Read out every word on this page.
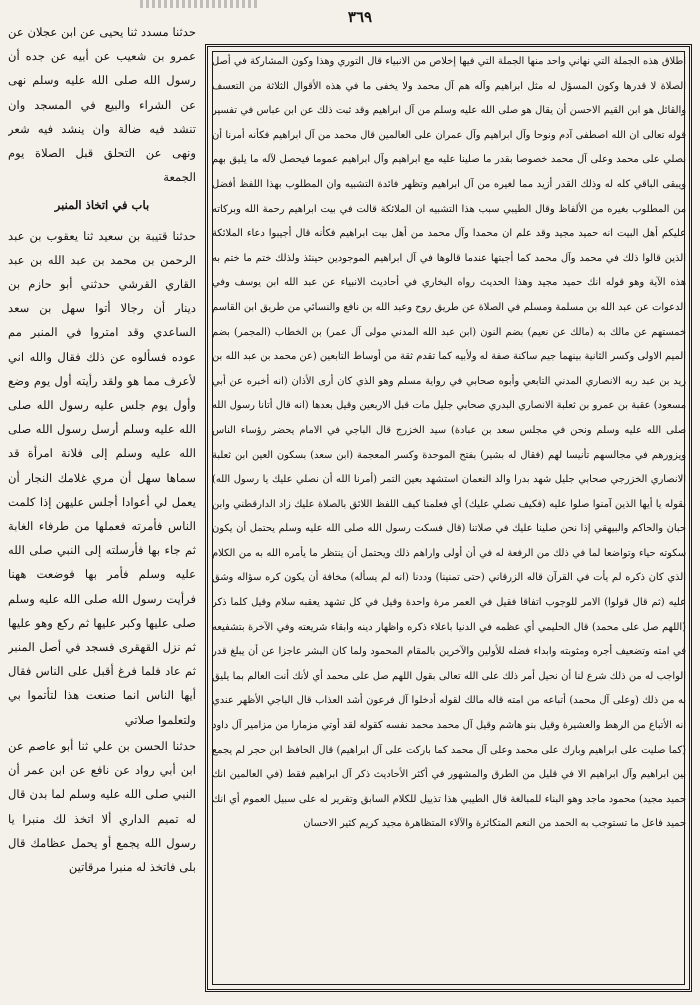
٣٦٩

اطلاق هذه الجملة التي نهاني واحد منها الجملة التي فيها إخلاص من الانبياء قال التوري وهذا وكون المشاركة في أصل الصلاة لا قدرها وكون المسؤل له مثل ابراهيم وآله هم آل محمد ولا يخفى ما في هذه الأقوال الثلاثة من التعسف والقائل هو ابن القيم الاحسن أن يقال هو صلى الله عليه وسلم من آل ابراهيم وقد ثبت ذلك عن ابن عباس في تفسير قوله تعالى ان الله اصطفى آدم ونوحا وآل ابراهيم وآل عمران على العالمين قال محمد من آل ابراهيم فكأنه أمرنا أن نصلي على محمد وعلى آل محمد خصوصا بقدر ما صلينا عليه مع ابراهيم وآل ابراهيم عموما فيحصل لآله ما يليق بهم ويبقى الباقي كله له وذلك القدر أزيد مما لغيره من آل ابراهيم وتظهر فائدة التشبيه وان المطلوب بهذا اللفظ أفضل من المطلوب بغيره من الألفاظ وقال الطيبي سبب هذا التشبيه ان الملائكة قالت في بيت ابراهيم رحمة الله وبركاته عليكم أهل البيت انه حميد مجيد وقد علم ان محمدا وآل محمد من أهل بيت ابراهيم فكأنه قال أجيبوا دعاء الملائكة الذين قالوا ذلك في محمد وآل محمد كما أجبتها عندما قالوها في آل ابراهيم الموجودين حينئذ ولذلك ختم ما ختم به هذه الآية وهو قوله انك حميد مجيد وهذا الحديث رواه البخاري في أحاديث الانبياء عن عبد الله ابن يوسف وفي الدعوات عن عبد الله بن مسلمة ومسلم في الصلاة عن طريق روح وعبد الله بن نافع والنسائي من طريق ابن القاسم خمستهم عن مالك به (مالك عن نعيم) بضم النون (ابن عبد الله المدني مولى آل عمر) بن الخطاب (المجمر) بضم الميم الاولى وكسر الثانية بينهما جيم ساكنة صفة له ولأبيه كما تقدم ثقة من أوساط التابعين (عن محمد بن عبد الله بن زيد بن عبد ربه الانصاري المدني التابعي وأبوه صحابي في رواية مسلم وهو الذي كان أرى الأذان (انه أخبره عن أبي مسعود) عقبة بن عمرو بن ثعلبة الانصاري البدري صحابي جليل مات قبل الاربعين وقيل بعدها (انه قال أتانا رسول الله صلى الله عليه وسلم ونحن في مجلس سعد بن عبادة) سيد الخزرج قال الباجي في الامام يحضر رؤساء الناس ويزورهم في مجالسهم تأنيسا لهم (فقال له بشير) بفتح الموحدة وكسر المعجمة (ابن سعد) بسكون العين ابن ثعلبة الانصاري الخزرجي صحابي جليل شهد بدرا والد النعمان استشهد بعين التمر (أمرنا الله أن نصلي عليك يا رسول الله) بقوله يا أيها الذين آمنوا صلوا عليه (فكيف نصلي عليك) أي فعلمنا كيف اللفظ اللائق بالصلاة عليك زاد الدارقطني وابن حبان والحاكم والبيهقي إذا نحن صلينا عليك في صلاتنا (قال فسكت رسول الله صلى الله عليه وسلم يحتمل أن يكون سكوته حياء وتواضعا لما في ذلك من الرفعة له في أن أولى واراهم ذلك ويحتمل أن ينتظر ما يأمره الله به من الكلام الذي كان ذكره لم يأت في القرآن قاله الزرقاني (حتى تمنينا) وددنا (انه لم يسأله) مخافة أن يكون كره سؤاله وشق عليه (ثم قال قولوا) الامر للوجوب اتفاقا فقيل في العمر مرة واحدة وقيل في كل تشهد يعقبه سلام وقيل كلما ذكر (اللهم صل على محمد) قال الحليمي أي عظمه في الدنيا باعلاء ذكره واظهار دينه وابقاء شريعته وفي الآخرة بتشفيعه في امته وتضعيف أجره ومثوبته وابداء فضله للأولين والآخرين بالمقام المحمود ولما كان البشر عاجزا عن أن يبلغ قدر الواجب له من ذلك شرع لنا أن نحيل أمر ذلك على الله تعالى بقول اللهم صل على محمد أي لأنك أنت العالم بما يليق به من ذلك (وعلى آل محمد) أتباعه من امته قاله مالك لقوله أدخلوا آل فرعون أشد العذاب قال الباجي الأظهر عندي انه الأتباع من الرهط والعشيرة وقيل بنو هاشم وقيل آل محمد محمد نفسه كقوله لقد أوتي مزمارا من مزامير آل داود (كما صليت على ابراهيم وبارك على محمد وعلى آل محمد كما باركت على آل ابراهيم) قال الحافظ ابن حجر لم يجمع بين ابراهيم وآل ابراهيم الا في قليل من الطرق والمشهور في أكثر الأحاديث ذكر آل ابراهيم فقط (في العالمين انك حميد مجيد) محمود ماجد وهو البناء للمبالغة قال الطيبي هذا تذييل للكلام السابق وتقرير له على سبيل العموم أي انك حميد فاعل ما تستوجب به الحمد من النعم المتكاثرة والآلاء المتظاهرة مجيد كريم كثير الاحسان

حدثنا مسدد ثنا يحيى عن ابن عجلان عن عمرو بن شعيب عن أبيه عن جده أن رسول الله صلى الله عليه وسلم نهى عن الشراء والبيع في المسجد وان تنشد فيه ضالة وان ينشد فيه شعر ونهى عن التحلق قبل الصلاة يوم الجمعة

باب في اتخاذ المنبر

حدثنا قتيبة بن سعيد ثنا يعقوب بن عبد الرحمن بن محمد بن عبد الله بن عبد القاري القرشي حدثني أبو حازم بن دينار أن رجالا أتوا سهل بن سعد الساعدي وقد امتروا في المنبر مم عوده فسألوه عن ذلك فقال والله اني لأعرف مما هو ولقد رأيته أول يوم وضع وأول يوم جلس عليه رسول الله صلى الله عليه وسلم أرسل رسول الله صلى الله عليه وسلم إلى فلانة امرأة قد سماها سهل أن مري غلامك النجار أن يعمل لي أعوادا أجلس عليهن إذا كلمت الناس فأمرته فعملها من طرفاء الغابة ثم جاء بها فأرسلته إلى النبي صلى الله عليه وسلم فأمر بها فوضعت ههنا فرأيت رسول الله صلى الله عليه وسلم صلى عليها وكبر عليها ثم ركع وهو عليها ثم نزل القهقرى فسجد في أصل المنبر ثم عاد فلما فرغ أقبل على الناس فقال أيها الناس انما صنعت هذا لتأتموا بي ولتعلموا صلاتي

حدثنا الحسن بن علي ثنا أبو عاصم عن ابن أبي رواد عن نافع عن ابن عمر أن النبي صلى الله عليه وسلم لما بدن قال له تميم الداري ألا اتخذ لك منبرا يا رسول الله يجمع أو يحمل عظامك قال بلى فاتخذ له منبرا مرقاتين
